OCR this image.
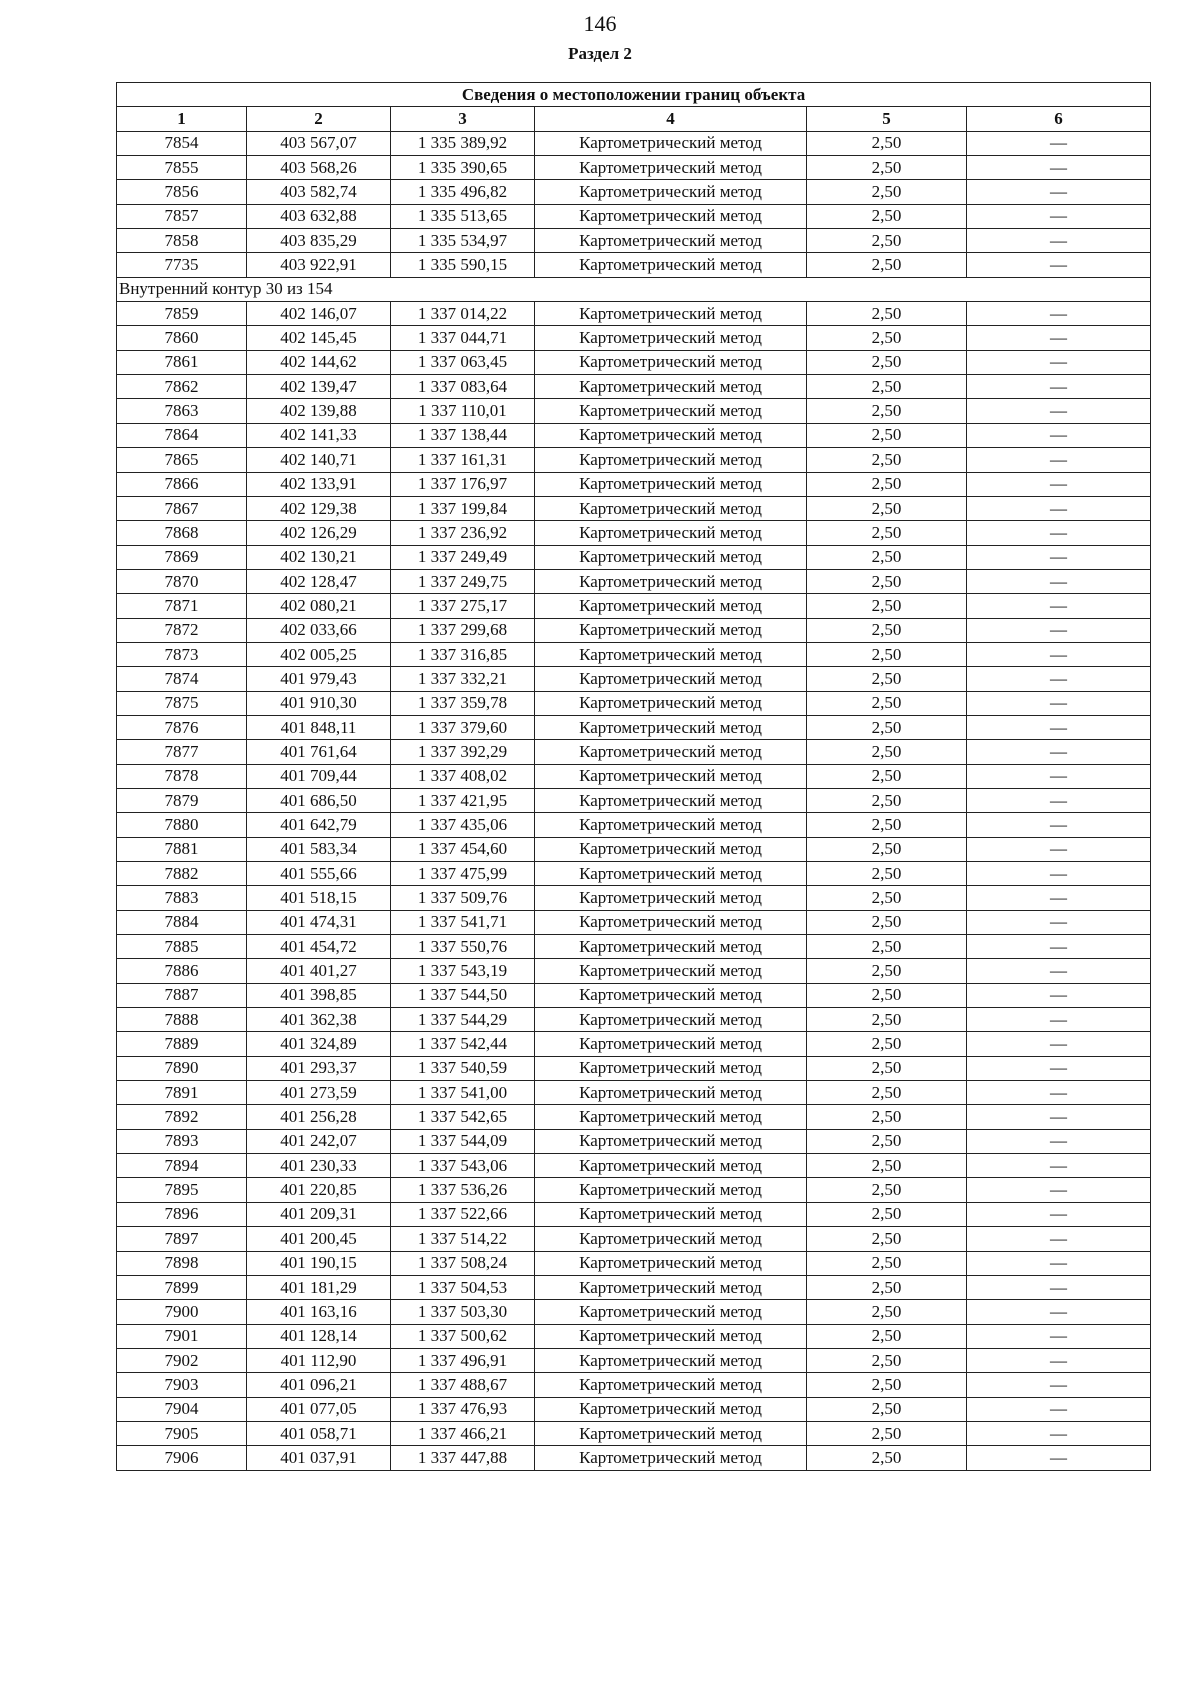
146
Раздел 2
Сведения о местоположении границ объекта					
1	2	3	4	5	6
7854	403 567,07	1 335 389,92	Картометрический метод	2,50	—
7855	403 568,26	1 335 390,65	Картометрический метод	2,50	—
7856	403 582,74	1 335 496,82	Картометрический метод	2,50	—
7857	403 632,88	1 335 513,65	Картометрический метод	2,50	—
7858	403 835,29	1 335 534,97	Картометрический метод	2,50	—
7735	403 922,91	1 335 590,15	Картометрический метод	2,50	—
Внутренний контур 30 из 154					
7859	402 146,07	1 337 014,22	Картометрический метод	2,50	—
7860	402 145,45	1 337 044,71	Картометрический метод	2,50	—
7861	402 144,62	1 337 063,45	Картометрический метод	2,50	—
7862	402 139,47	1 337 083,64	Картометрический метод	2,50	—
7863	402 139,88	1 337 110,01	Картометрический метод	2,50	—
7864	402 141,33	1 337 138,44	Картометрический метод	2,50	—
7865	402 140,71	1 337 161,31	Картометрический метод	2,50	—
7866	402 133,91	1 337 176,97	Картометрический метод	2,50	—
7867	402 129,38	1 337 199,84	Картометрический метод	2,50	—
7868	402 126,29	1 337 236,92	Картометрический метод	2,50	—
7869	402 130,21	1 337 249,49	Картометрический метод	2,50	—
7870	402 128,47	1 337 249,75	Картометрический метод	2,50	—
7871	402 080,21	1 337 275,17	Картометрический метод	2,50	—
7872	402 033,66	1 337 299,68	Картометрический метод	2,50	—
7873	402 005,25	1 337 316,85	Картометрический метод	2,50	—
7874	401 979,43	1 337 332,21	Картометрический метод	2,50	—
7875	401 910,30	1 337 359,78	Картометрический метод	2,50	—
7876	401 848,11	1 337 379,60	Картометрический метод	2,50	—
7877	401 761,64	1 337 392,29	Картометрический метод	2,50	—
7878	401 709,44	1 337 408,02	Картометрический метод	2,50	—
7879	401 686,50	1 337 421,95	Картометрический метод	2,50	—
7880	401 642,79	1 337 435,06	Картометрический метод	2,50	—
7881	401 583,34	1 337 454,60	Картометрический метод	2,50	—
7882	401 555,66	1 337 475,99	Картометрический метод	2,50	—
7883	401 518,15	1 337 509,76	Картометрический метод	2,50	—
7884	401 474,31	1 337 541,71	Картометрический метод	2,50	—
7885	401 454,72	1 337 550,76	Картометрический метод	2,50	—
7886	401 401,27	1 337 543,19	Картометрический метод	2,50	—
7887	401 398,85	1 337 544,50	Картометрический метод	2,50	—
7888	401 362,38	1 337 544,29	Картометрический метод	2,50	—
7889	401 324,89	1 337 542,44	Картометрический метод	2,50	—
7890	401 293,37	1 337 540,59	Картометрический метод	2,50	—
7891	401 273,59	1 337 541,00	Картометрический метод	2,50	—
7892	401 256,28	1 337 542,65	Картометрический метод	2,50	—
7893	401 242,07	1 337 544,09	Картометрический метод	2,50	—
7894	401 230,33	1 337 543,06	Картометрический метод	2,50	—
7895	401 220,85	1 337 536,26	Картометрический метод	2,50	—
7896	401 209,31	1 337 522,66	Картометрический метод	2,50	—
7897	401 200,45	1 337 514,22	Картометрический метод	2,50	—
7898	401 190,15	1 337 508,24	Картометрический метод	2,50	—
7899	401 181,29	1 337 504,53	Картометрический метод	2,50	—
7900	401 163,16	1 337 503,30	Картометрический метод	2,50	—
7901	401 128,14	1 337 500,62	Картометрический метод	2,50	—
7902	401 112,90	1 337 496,91	Картометрический метод	2,50	—
7903	401 096,21	1 337 488,67	Картометрический метод	2,50	—
7904	401 077,05	1 337 476,93	Картометрический метод	2,50	—
7905	401 058,71	1 337 466,21	Картометрический метод	2,50	—
7906	401 037,91	1 337 447,88	Картометрический метод	2,50	—
